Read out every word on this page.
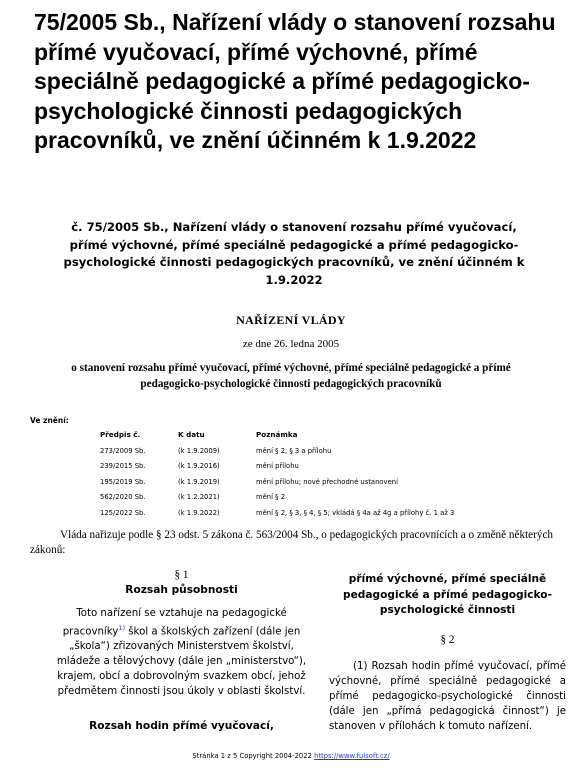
75/2005 Sb., Nařízení vlády o stanovení rozsahu přímé vyučovací, přímé výchovné, přímé speciálně pedagogické a přímé pedagogicko-psychologické činnosti pedagogických pracovníků, ve znění účinném k 1.9.2022
č. 75/2005 Sb., Nařízení vlády o stanovení rozsahu přímé vyučovací, přímé výchovné, přímé speciálně pedagogické a přímé pedagogicko-psychologické činnosti pedagogických pracovníků, ve znění účinném k 1.9.2022
NAŘÍZENÍ VLÁDY
ze dne 26. ledna 2005
o stanovení rozsahu přímé vyučovací, přímé výchovné, přímé speciálně pedagogické a přímé pedagogicko-psychologické činnosti pedagogických pracovníků
Ve znění:
Předpis č.	K datu	Poznámka
273/2009 Sb.	(k 1.9.2009)	mění § 2, § 3 a přílohu
239/2015 Sb.	(k 1.9.2016)	mění přílohu
195/2019 Sb.	(k 1.9.2019)	mění přílohu; nové přechodné ustanovení
562/2020 Sb.	(k 1.2.2021)	mění § 2
125/2022 Sb.	(k 1.9.2022)	mění § 2, § 3, § 4, § 5; vkládá § 4a až 4g a přílohy č. 1 až 3

Vláda nařizuje podle § 23 odst. 5 zákona č. 563/2004 Sb., o pedagogických pracovnících a o změně některých zákonů:

§ 1
Rozsah působnosti

Toto nařízení se vztahuje na pedagogické pracovníky$^{1)}$ škol a školských zařízení (dále jen „škola“) zřizovaných Ministerstvem školství, mládeže a tělovýchovy (dále jen „ministerstvo“), krajem, obcí a dobrovolným svazkem obcí, jehož předmětem činnosti jsou úkoly v oblasti školství.

Rozsah hodin přímé vyučovací,
přímé výchovné, přímé speciálně pedagogické a přímé pedagogicko-psychologické činnosti
§ 2

(1) Rozsah hodin přímé vyučovací, přímé výchovné, přímé speciálně pedagogické a přímé pedagogicko-psychologické činnosti (dále jen „přímá pedagogická činnost“) je stanoven v přílohách k tomuto nařízení.

Stránka 1 z 5 Copyright 2004-2022 https://www.fulsoft.cz/
